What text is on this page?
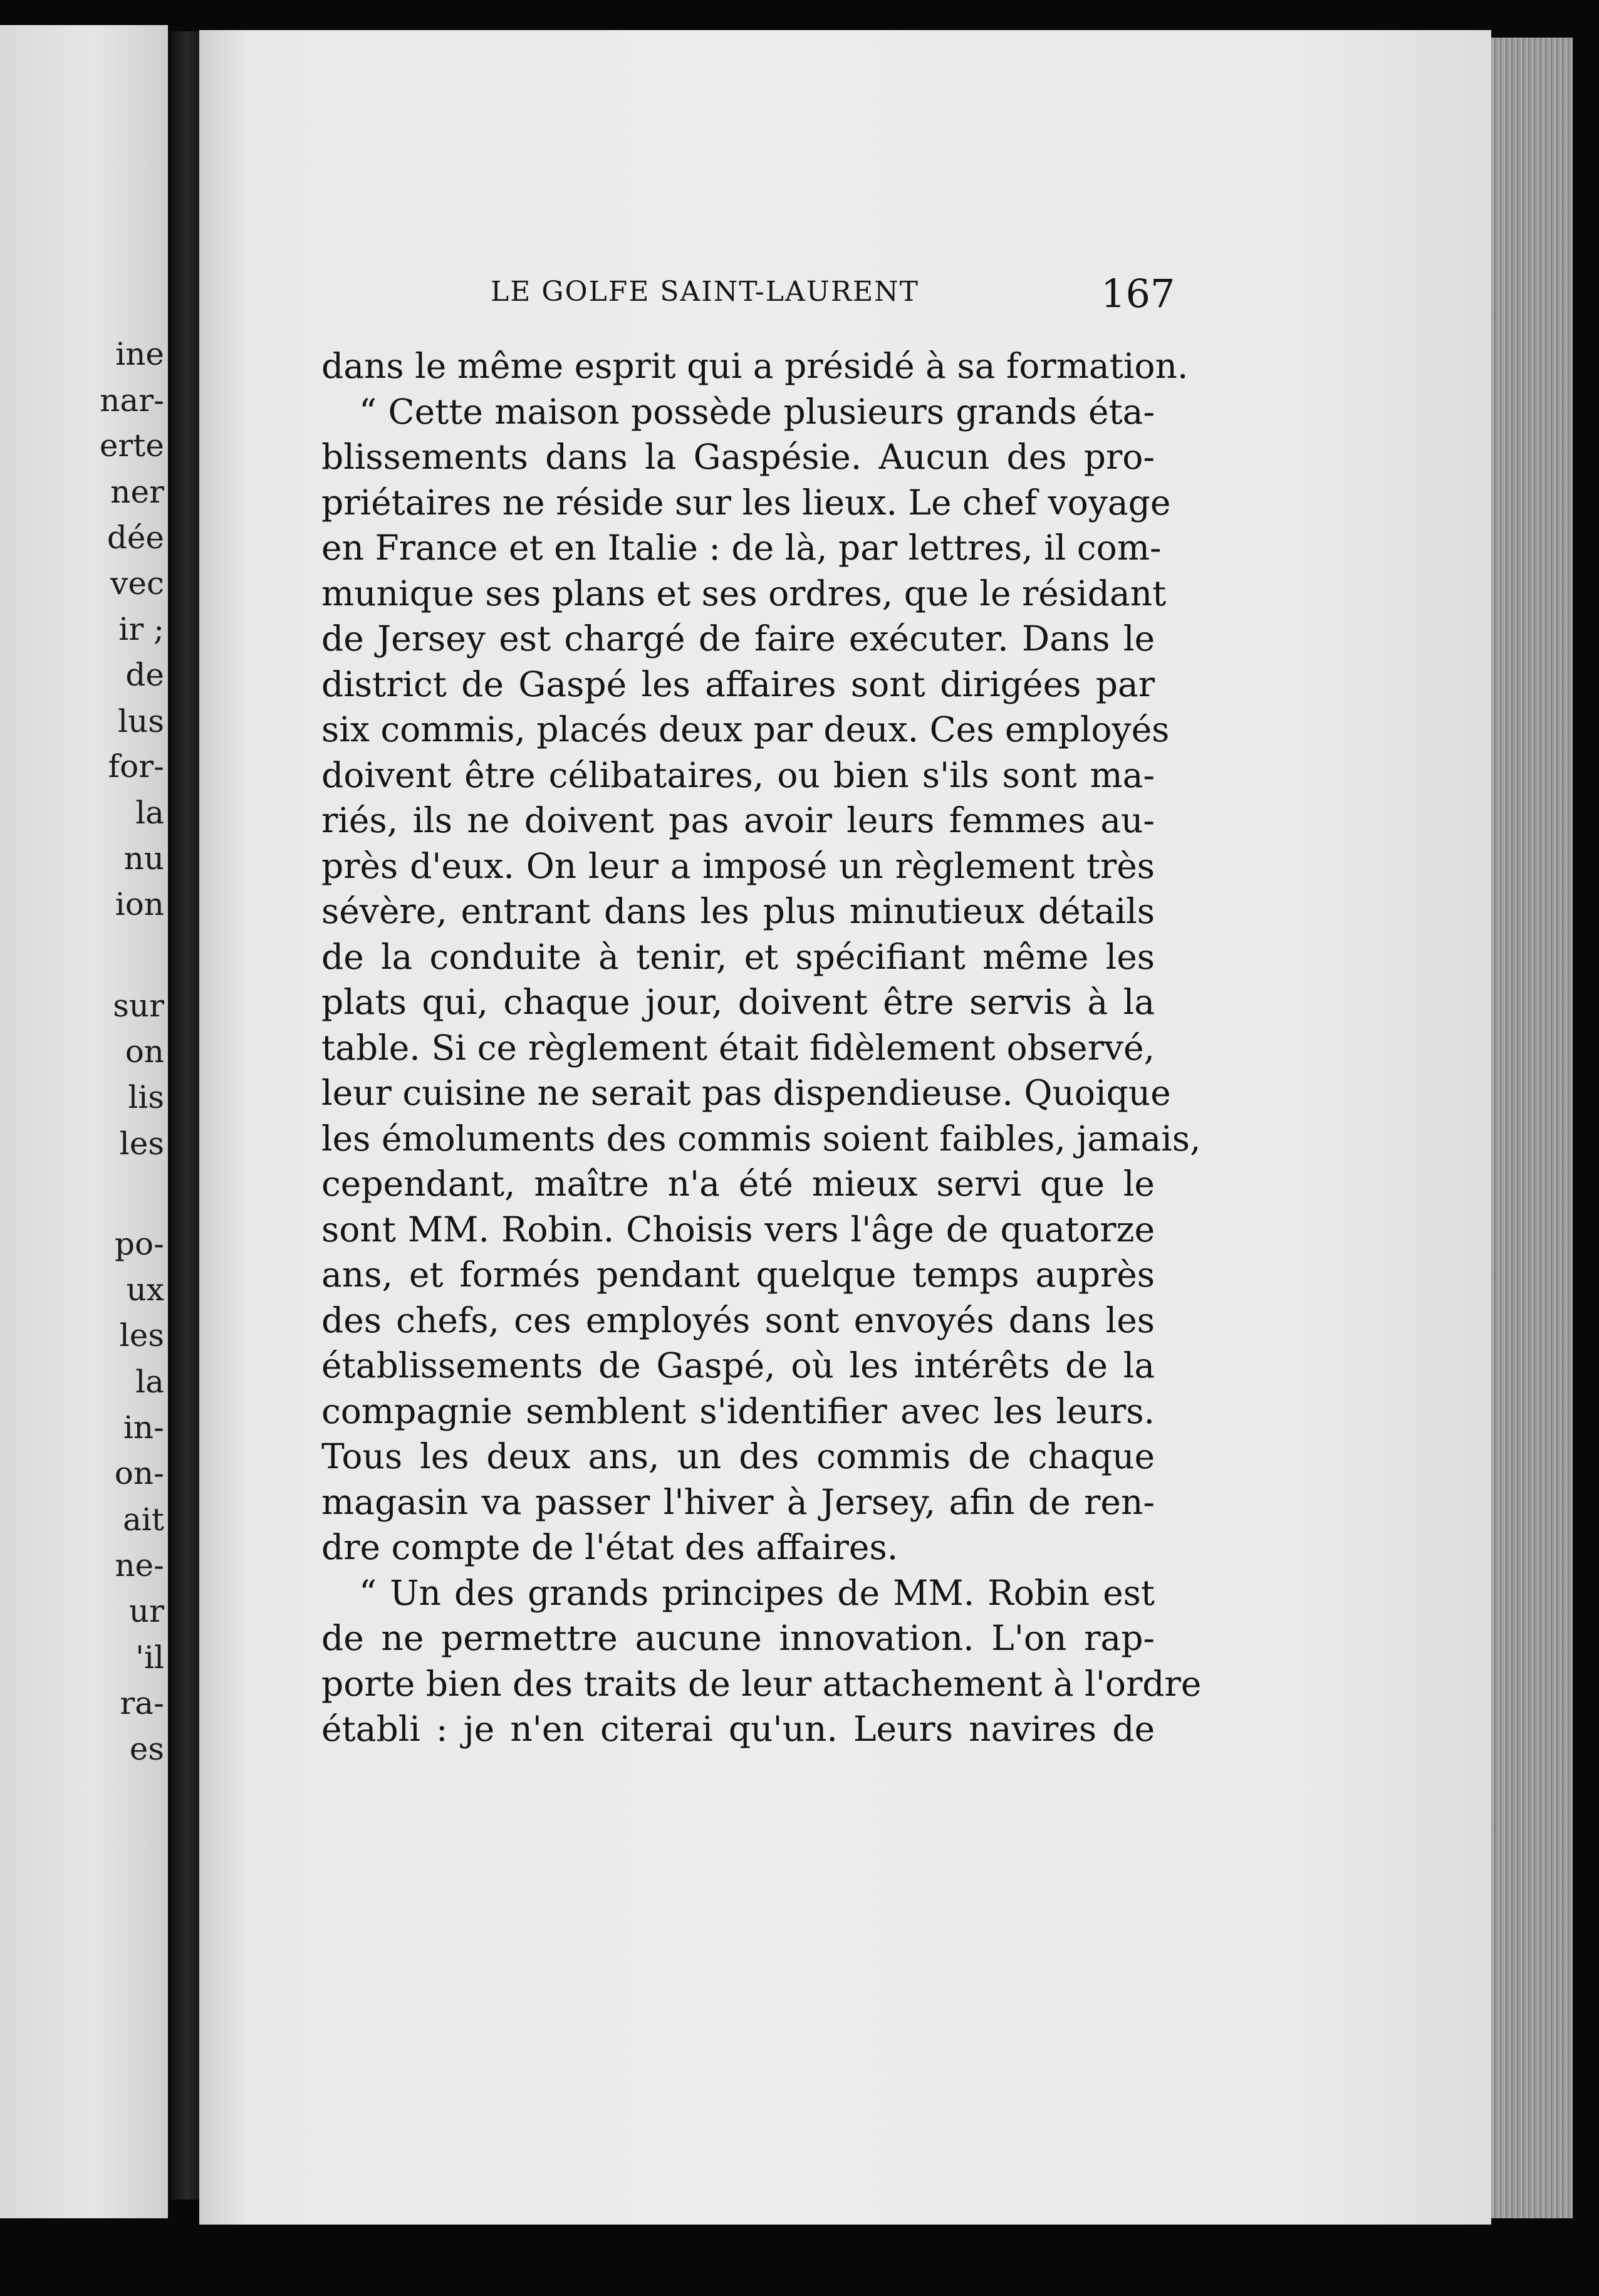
ine
nar-
erte
ner
dée
vec
ir ;
de
lus
for-
la
nu
ion
sur
on
lis
les
po-
ux
les
la
in-
on-
ait
ne-
ur
'il
ra-
es
LE GOLFE SAINT-LAURENT	167
dans le même esprit qui a présidé à sa formation.
“ Cette maison possède plusieurs grands éta-
blissements dans la Gaspésie. Aucun des pro-
priétaires ne réside sur les lieux. Le chef voyage
en France et en Italie : de là, par lettres, il com-
munique ses plans et ses ordres, que le résidant
de Jersey est chargé de faire exécuter. Dans le
district de Gaspé les affaires sont dirigées par
six commis, placés deux par deux. Ces employés
doivent être célibataires, ou bien s'ils sont ma-
riés, ils ne doivent pas avoir leurs femmes au-
près d'eux. On leur a imposé un règlement très
sévère, entrant dans les plus minutieux détails
de la conduite à tenir, et spécifiant même les
plats qui, chaque jour, doivent être servis à la
table. Si ce règlement était fidèlement observé,
leur cuisine ne serait pas dispendieuse. Quoique
les émoluments des commis soient faibles, jamais,
cependant, maître n'a été mieux servi que le
sont MM. Robin. Choisis vers l'âge de quatorze
ans, et formés pendant quelque temps auprès
des chefs, ces employés sont envoyés dans les
établissements de Gaspé, où les intérêts de la
compagnie semblent s'identifier avec les leurs.
Tous les deux ans, un des commis de chaque
magasin va passer l'hiver à Jersey, afin de ren-
dre compte de l'état des affaires.
“ Un des grands principes de MM. Robin est
de ne permettre aucune innovation. L'on rap-
porte bien des traits de leur attachement à l'ordre
établi : je n'en citerai qu'un. Leurs navires de
